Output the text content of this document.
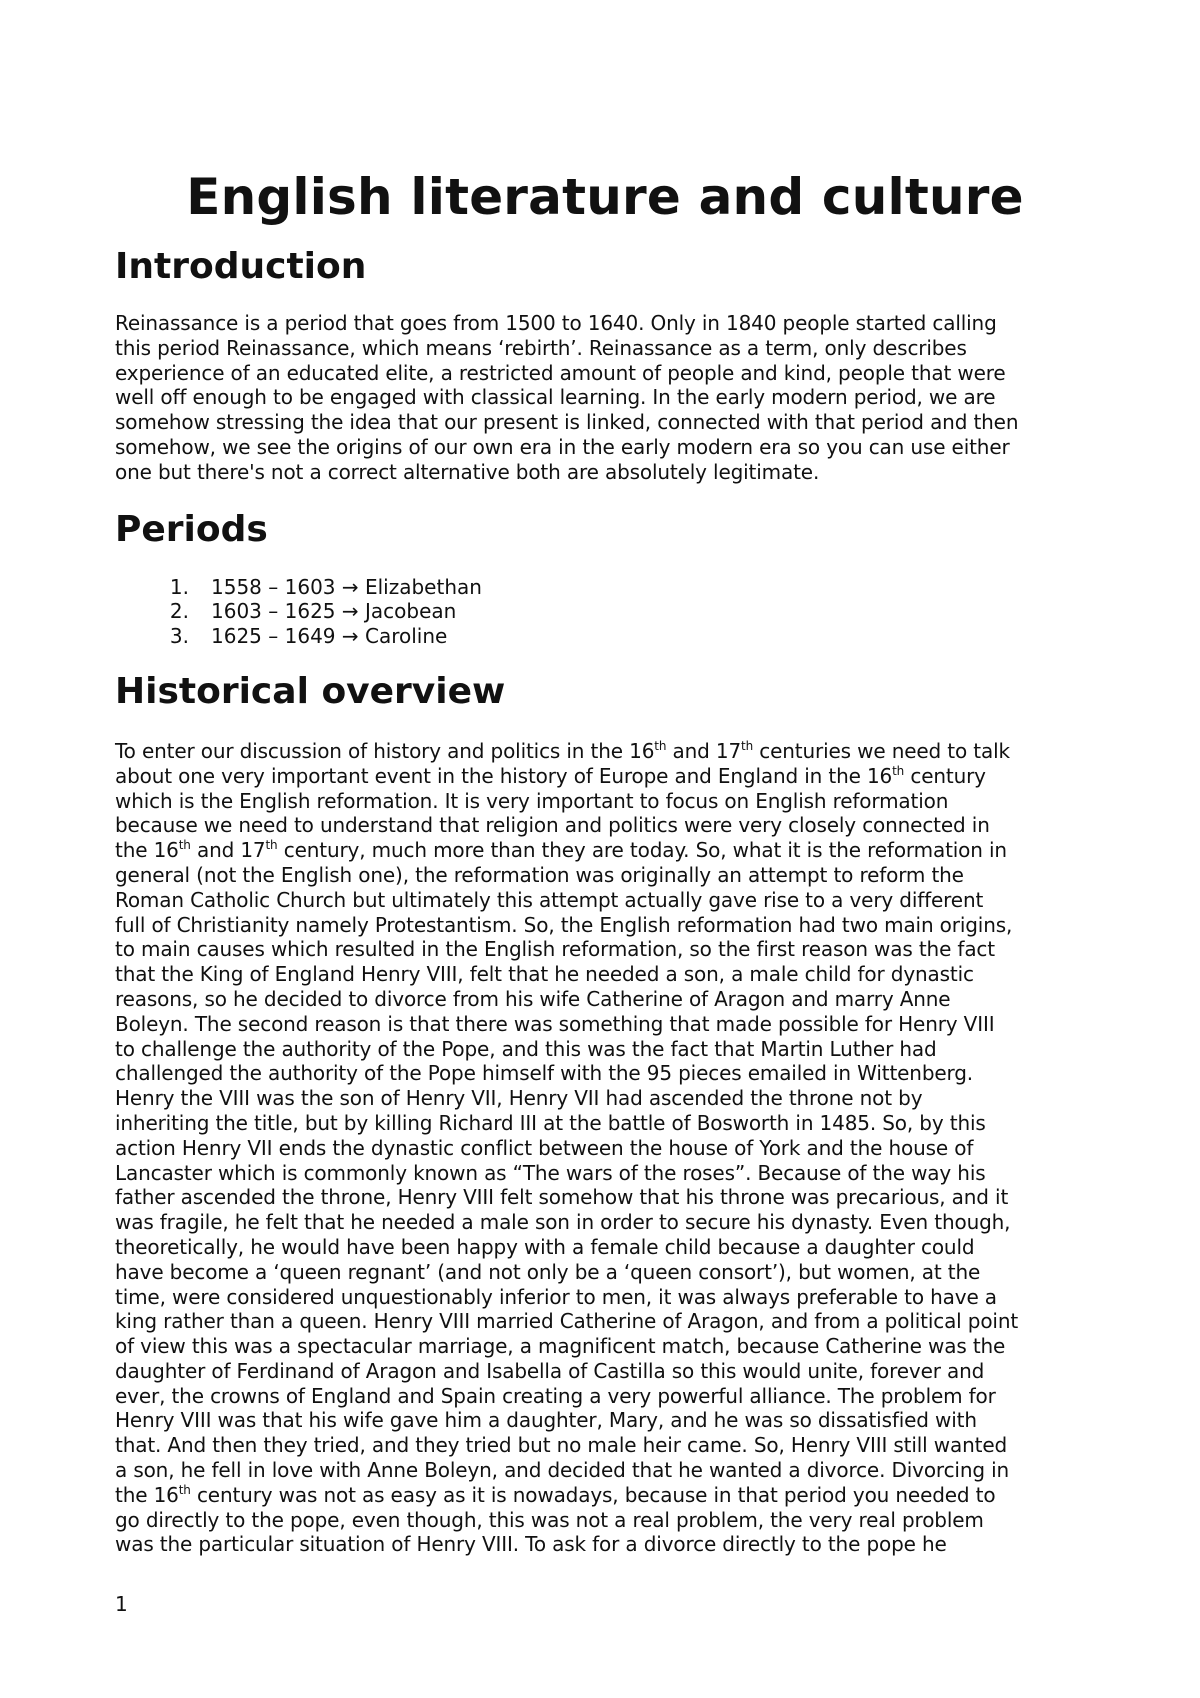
English literature and culture
Introduction

Reinassance is a period that goes from 1500 to 1640. Only in 1840 people started calling
this period Reinassance, which means ‘rebirth’. Reinassance as a term, only describes
experience of an educated elite, a restricted amount of people and kind, people that were
well off enough to be engaged with classical learning. In the early modern period, we are
somehow stressing the idea that our present is linked, connected with that period and then
somehow, we see the origins of our own era in the early modern era so you can use either
one but there's not a correct alternative both are absolutely legitimate.

Periods
1. 1558 – 1603 → Elizabethan
2. 1603 – 1625 → Jacobean
3. 1625 – 1649 → Caroline
Historical overview

To enter our discussion of history and politics in the 16th and 17th centuries we need to talk
about one very important event in the history of Europe and England in the 16th century
which is the English reformation. It is very important to focus on English reformation
because we need to understand that religion and politics were very closely connected in
the 16th and 17th century, much more than they are today. So, what it is the reformation in
general (not the English one), the reformation was originally an attempt to reform the
Roman Catholic Church but ultimately this attempt actually gave rise to a very different
full of Christianity namely Protestantism. So, the English reformation had two main origins,
to main causes which resulted in the English reformation, so the first reason was the fact
that the King of England Henry VIII, felt that he needed a son, a male child for dynastic
reasons, so he decided to divorce from his wife Catherine of Aragon and marry Anne
Boleyn. The second reason is that there was something that made possible for Henry VIII
to challenge the authority of the Pope, and this was the fact that Martin Luther had
challenged the authority of the Pope himself with the 95 pieces emailed in Wittenberg.
Henry the VIII was the son of Henry VII, Henry VII had ascended the throne not by
inheriting the title, but by killing Richard III at the battle of Bosworth in 1485. So, by this
action Henry VII ends the dynastic conflict between the house of York and the house of
Lancaster which is commonly known as “The wars of the roses”. Because of the way his
father ascended the throne, Henry VIII felt somehow that his throne was precarious, and it
was fragile, he felt that he needed a male son in order to secure his dynasty. Even though,
theoretically, he would have been happy with a female child because a daughter could
have become a ‘queen regnant’ (and not only be a ‘queen consort’), but women, at the
time, were considered unquestionably inferior to men, it was always preferable to have a
king rather than a queen. Henry VIII married Catherine of Aragon, and from a political point
of view this was a spectacular marriage, a magnificent match, because Catherine was the
daughter of Ferdinand of Aragon and Isabella of Castilla so this would unite, forever and
ever, the crowns of England and Spain creating a very powerful alliance. The problem for
Henry VIII was that his wife gave him a daughter, Mary, and he was so dissatisfied with
that. And then they tried, and they tried but no male heir came. So, Henry VIII still wanted
a son, he fell in love with Anne Boleyn, and decided that he wanted a divorce. Divorcing in
the 16th century was not as easy as it is nowadays, because in that period you needed to
go directly to the pope, even though, this was not a real problem, the very real problem
was the particular situation of Henry VIII. To ask for a divorce directly to the pope he

1
